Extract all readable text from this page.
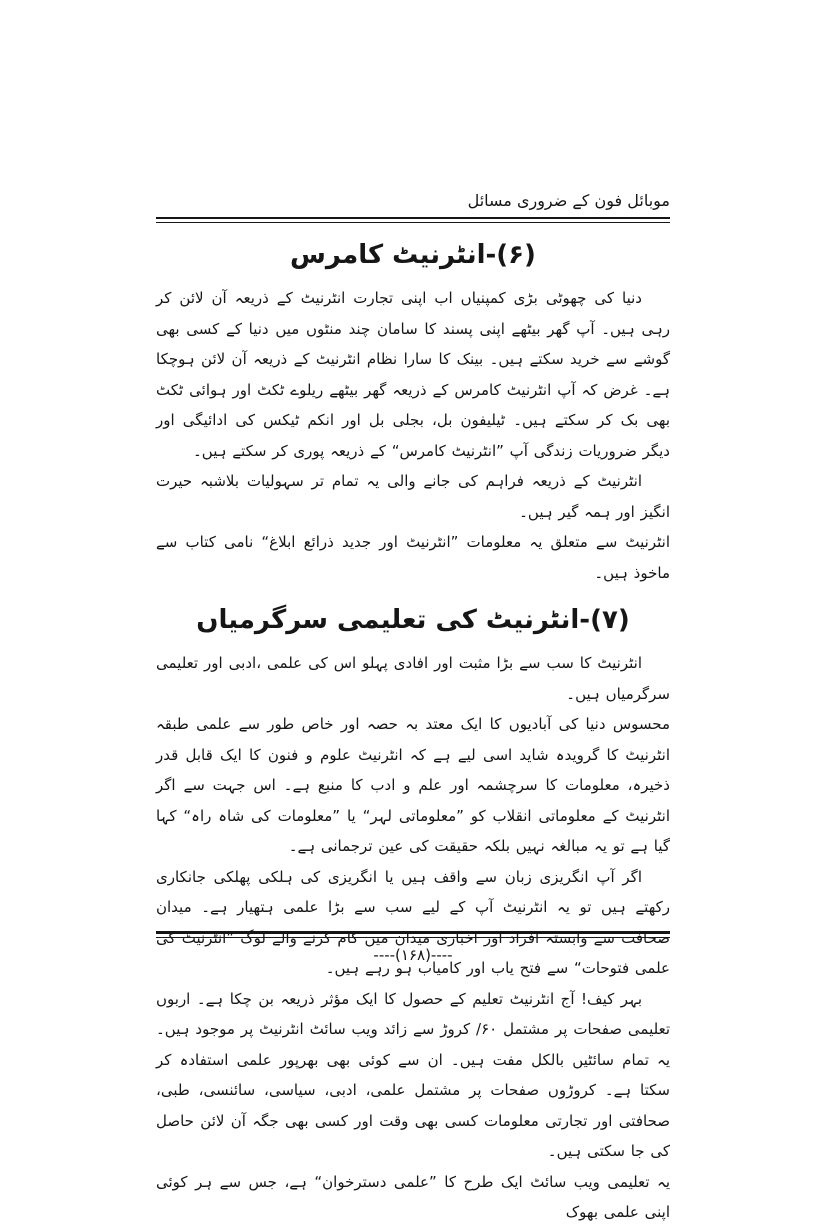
موبائل فون کے ضروری مسائل
(۶)-انٹرنیٹ کامرس

دنیا کی چھوٹی بڑی کمپنیاں اب اپنی تجارت انٹرنیٹ کے ذریعہ آن لائن کر رہی ہیں۔ آپ گھر بیٹھے اپنی پسند کا سامان چند منٹوں میں دنیا کے کسی بھی گوشے سے خرید سکتے ہیں۔ بینک کا سارا نظام انٹرنیٹ کے ذریعہ آن لائن ہوچکا ہے۔ غرض کہ آپ انٹرنیٹ کامرس کے ذریعہ گھر بیٹھے ریلوے ٹکٹ اور ہوائی ٹکٹ بھی بک کر سکتے ہیں۔ ٹیلیفون بل، بجلی بل اور انکم ٹیکس کی ادائیگی اور دیگر ضروریات زندگی آپ ”انٹرنیٹ کامرس“ کے ذریعہ پوری کر سکتے ہیں۔

انٹرنیٹ کے ذریعہ فراہم کی جانے والی یہ تمام تر سہولیات بلاشبہ حیرت انگیز اور ہمہ گیر ہیں۔

انٹرنیٹ سے متعلق یہ معلومات ”انٹرنیٹ اور جدید ذرائع ابلاغ“ نامی کتاب سے ماخوذ ہیں۔

(۷)-انٹرنیٹ کی تعلیمی سرگرمیاں

انٹرنیٹ کا سب سے بڑا مثبت اور افادی پہلو اس کی علمی ،ادبی اور تعلیمی سرگرمیاں ہیں۔

محسوس دنیا کی آبادیوں کا ایک معتد بہ حصہ اور خاص طور سے علمی طبقہ انٹرنیٹ کا گرویدہ شاید اسی لیے ہے کہ انٹرنیٹ علوم و فنون کا ایک قابل قدر ذخیرہ، معلومات کا سرچشمہ اور علم و ادب کا منبع ہے۔ اس جہت سے اگر انٹرنیٹ کے معلوماتی انقلاب کو ”معلوماتی لہر“ یا ”معلومات کی شاہ راہ“ کہا گیا ہے تو یہ مبالغہ نہیں بلکہ حقیقت کی عین ترجمانی ہے۔

اگر آپ انگریزی زبان سے واقف ہیں یا انگریزی کی ہلکی پھلکی جانکاری رکھتے ہیں تو یہ انٹرنیٹ آپ کے لیے سب سے بڑا علمی ہتھیار ہے۔ میدان صحافت سے وابستہ افراد اور اخباری میدان میں کام کرنے والے لوگ ”انٹرنیٹ کی علمی فتوحات“ سے فتح یاب اور کامیاب ہو رہے ہیں۔

بہر کیف! آج انٹرنیٹ تعلیم کے حصول کا ایک مؤثر ذریعہ بن چکا ہے۔ اربوں تعلیمی صفحات پر مشتمل ۶۰/ کروڑ سے زائد ویب سائٹ انٹرنیٹ پر موجود ہیں۔ یہ تمام سائٹیں بالکل مفت ہیں۔ ان سے کوئی بھی بھرپور علمی استفادہ کر سکتا ہے۔ کروڑوں صفحات پر مشتمل علمی، ادبی، سیاسی، سائنسی، طبی، صحافتی اور تجارتی معلومات کسی بھی وقت اور کسی بھی جگہ آن لائن حاصل کی جا سکتی ہیں۔

یہ تعلیمی ویب سائٹ ایک طرح کا ”علمی دسترخوان“ ہے، جس سے ہر کوئی اپنی علمی بھوک

----(۱۶۸)----
